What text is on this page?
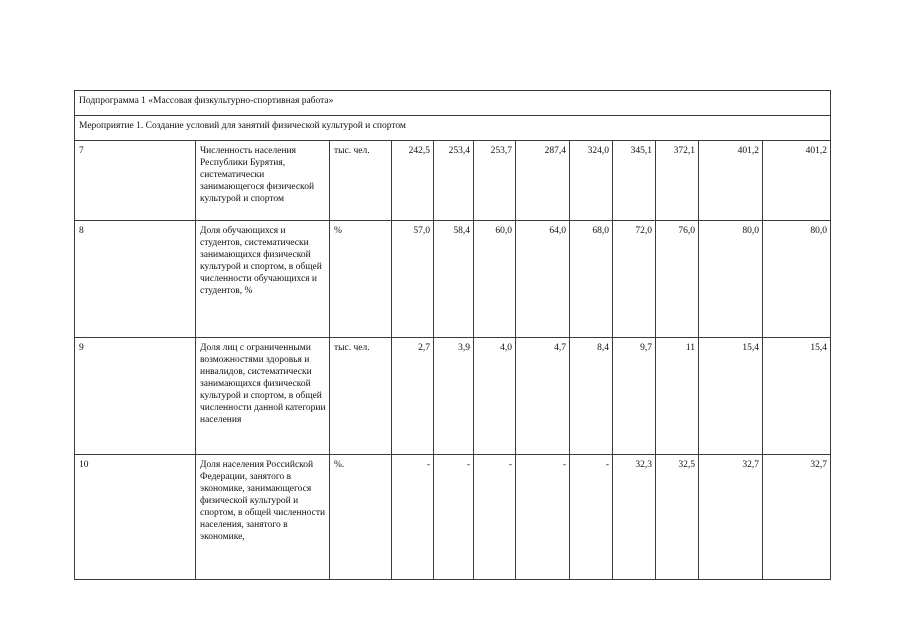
Подпрограмма 1 «Массовая физкультурно-спортивная работа»											
Мероприятие 1. Создание условий для занятий физической культурой и спортом											
7	Численность населения Республики Бурятия, систематически занимающегося физической культурой и спортом	тыс. чел.	242,5	253,4	253,7	287,4	324,0	345,1	372,1	401,2	401,2
8	Доля обучающихся и студентов, систематически занимающихся физической культурой и спортом, в общей численности обучающихся и студентов, %	%	57,0	58,4	60,0	64,0	68,0	72,0	76,0	80,0	80,0
9	Доля лиц с ограниченными возможностями здоровья и инвалидов, систематически занимающихся физической культурой и спортом, в общей численности данной категории населения	тыс. чел.	2,7	3,9	4,0	4,7	8,4	9,7	11	15,4	15,4
10	Доля населения Российской Федерации, занятого в экономике, занимающегося физической культурой и спортом, в общей численности населения, занятого в экономике,	%.	-	-	-	-	-	32,3	32,5	32,7	32,7
